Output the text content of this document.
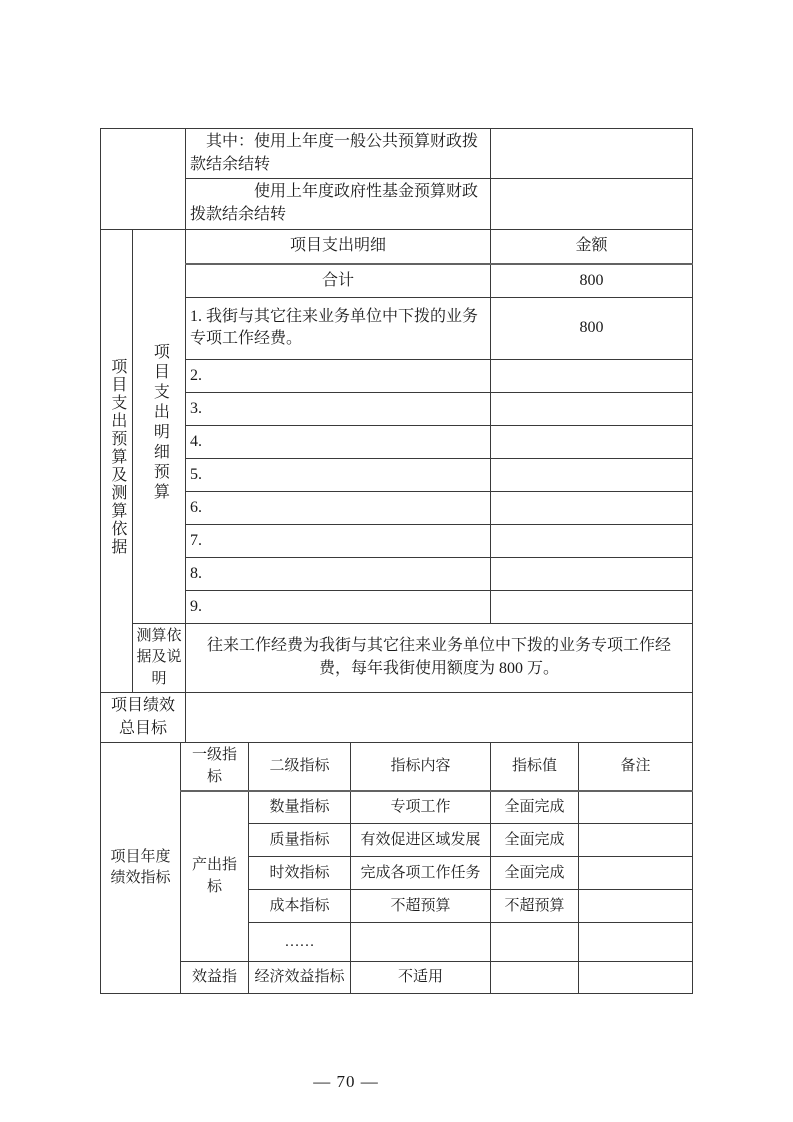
		其中：使用上年度一般公共预算财政拨款结余结转	
		使用上年度政府性基金预算财政拨款结余结转	
项目支出预算及测算依据	项目支出明细预算	项目支出明细	金额
		合计	800
		1. 我街与其它往来业务单位中下拨的业务专项工作经费。	800
		2.	
		3.	
		4.	
		5.	
		6.	
		7.	
		8.	
		9.	
	测算依据及说明	往来工作经费为我街与其它往来业务单位中下拨的业务专项工作经费，每年我街使用额度为 800 万。	
项目绩效总目标			
项目年度绩效指标	一级指标	二级指标	指标内容	指标值	备注
	产出指标	数量指标	专项工作	全面完成	
		质量指标	有效促进区域发展	全面完成	
		时效指标	完成各项工作任务	全面完成	
		成本指标	不超预算	不超预算	
		……			
	效益指	经济效益指标	不适用		
— 70 —
